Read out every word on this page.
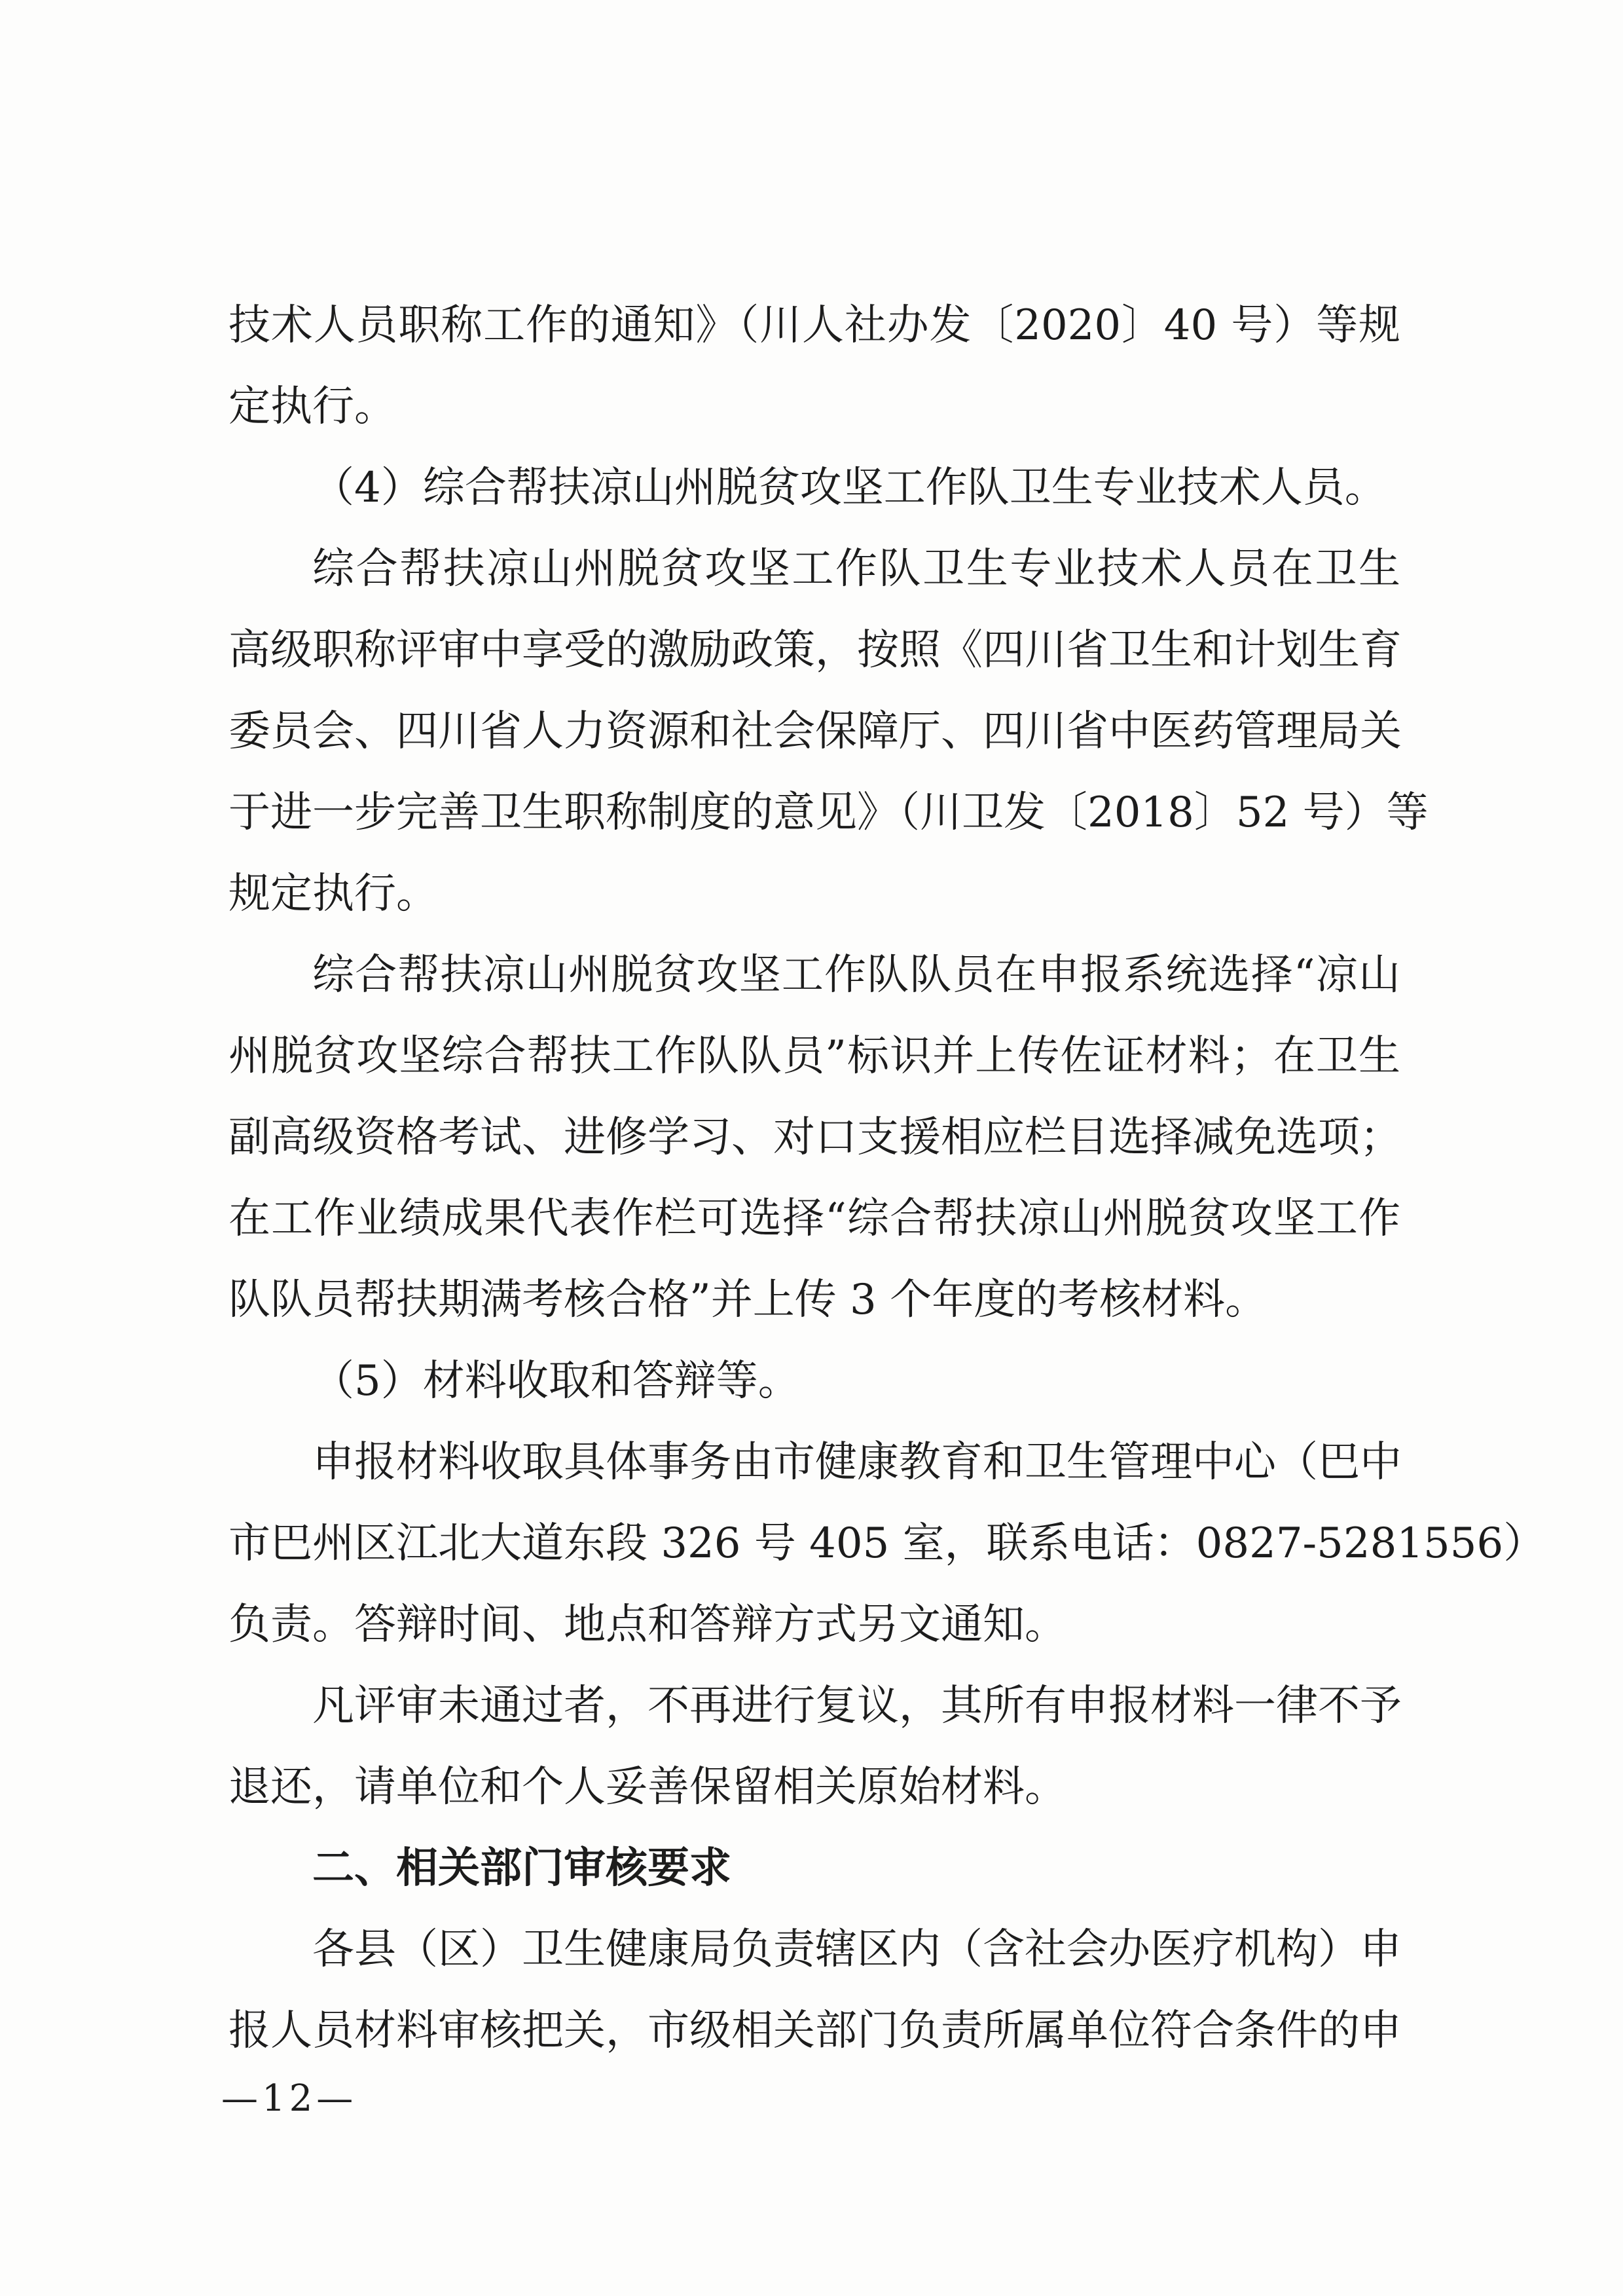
技术人员职称工作的通知》（川人社办发〔2020〕40 号）等规
定执行。
（4）综合帮扶凉山州脱贫攻坚工作队卫生专业技术人员。
综合帮扶凉山州脱贫攻坚工作队卫生专业技术人员在卫生
高级职称评审中享受的激励政策，按照《四川省卫生和计划生育
委员会、四川省人力资源和社会保障厅、四川省中医药管理局关
于进一步完善卫生职称制度的意见》（川卫发〔2018〕52 号）等
规定执行。
综合帮扶凉山州脱贫攻坚工作队队员在申报系统选择“凉山
州脱贫攻坚综合帮扶工作队队员”标识并上传佐证材料；在卫生
副高级资格考试、进修学习、对口支援相应栏目选择减免选项；
在工作业绩成果代表作栏可选择“综合帮扶凉山州脱贫攻坚工作
队队员帮扶期满考核合格”并上传 3 个年度的考核材料。
（5）材料收取和答辩等。
申报材料收取具体事务由市健康教育和卫生管理中心（巴中
市巴州区江北大道东段 326 号 405 室，联系电话：0827-5281556）
负责。答辩时间、地点和答辩方式另文通知。
凡评审未通过者，不再进行复议，其所有申报材料一律不予
退还，请单位和个人妥善保留相关原始材料。
二、相关部门审核要求
各县（区）卫生健康局负责辖区内（含社会办医疗机构）申
报人员材料审核把关，市级相关部门负责所属单位符合条件的申
—12—
